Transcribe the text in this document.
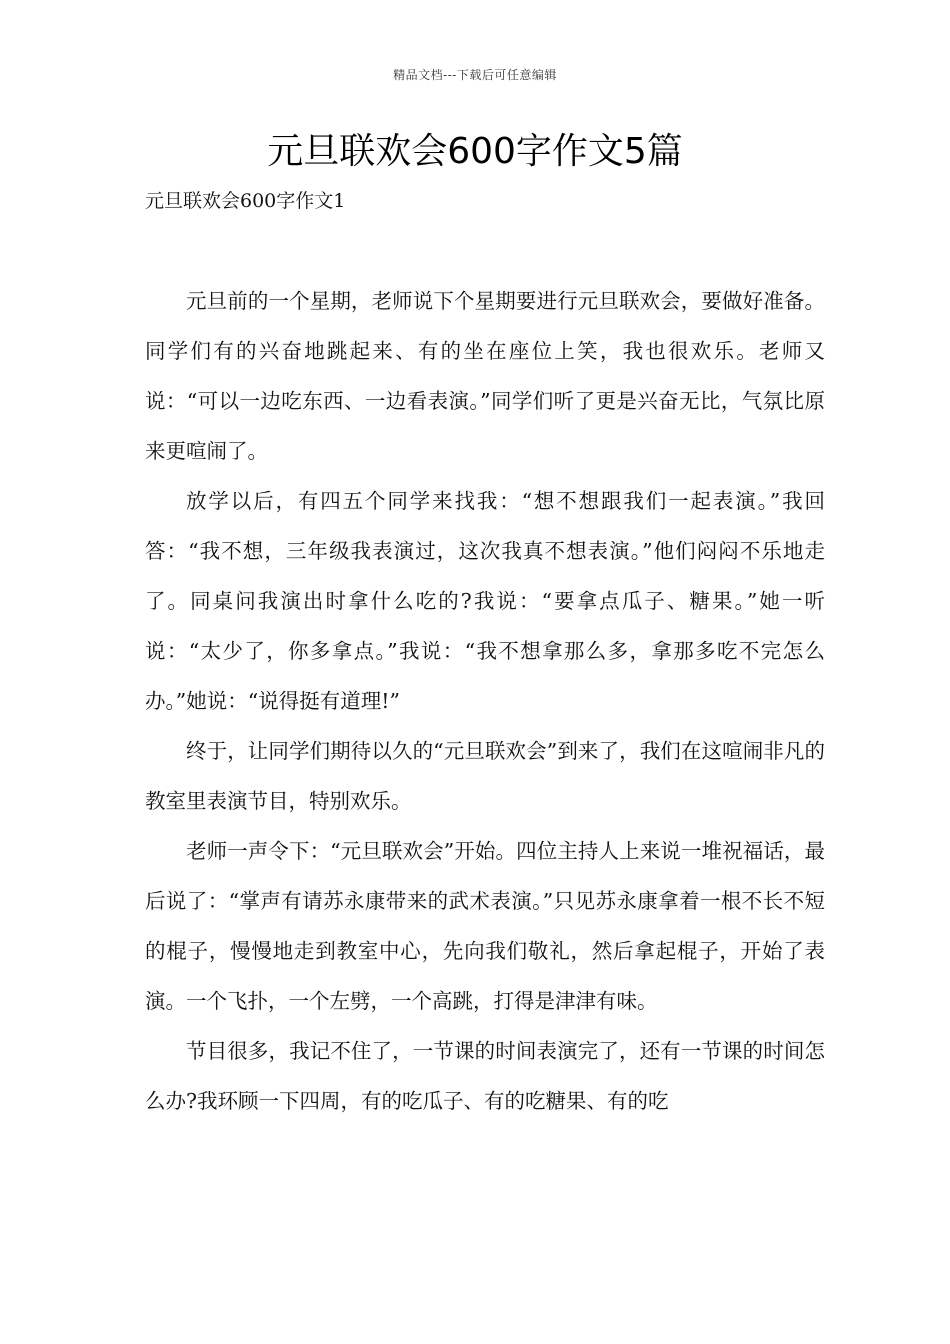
精品文档---下载后可任意编辑
元旦联欢会600字作文5篇
元旦联欢会600字作文1

元旦前的一个星期，老师说下个星期要进行元旦联欢会，要做好准备。同学们有的兴奋地跳起来、有的坐在座位上笑，我也很欢乐。老师又说：“可以一边吃东西、一边看表演。”同学们听了更是兴奋无比，气氛比原来更喧闹了。

放学以后，有四五个同学来找我：“想不想跟我们一起表演。”我回答：“我不想，三年级我表演过，这次我真不想表演。”他们闷闷不乐地走了。同桌问我演出时拿什么吃的?我说：“要拿点瓜子、糖果。”她一听说：“太少了，你多拿点。”我说：“我不想拿那么多，拿那多吃不完怎么办。”她说：“说得挺有道理!”

终于，让同学们期待以久的“元旦联欢会”到来了，我们在这喧闹非凡的教室里表演节目，特别欢乐。

老师一声令下：“元旦联欢会”开始。四位主持人上来说一堆祝福话，最后说了：“掌声有请苏永康带来的武术表演。”只见苏永康拿着一根不长不短的棍子，慢慢地走到教室中心，先向我们敬礼，然后拿起棍子，开始了表演。一个飞扑，一个左劈，一个高跳，打得是津津有味。

节目很多，我记不住了，一节课的时间表演完了，还有一节课的时间怎么办?我环顾一下四周，有的吃瓜子、有的吃糖果、有的吃
